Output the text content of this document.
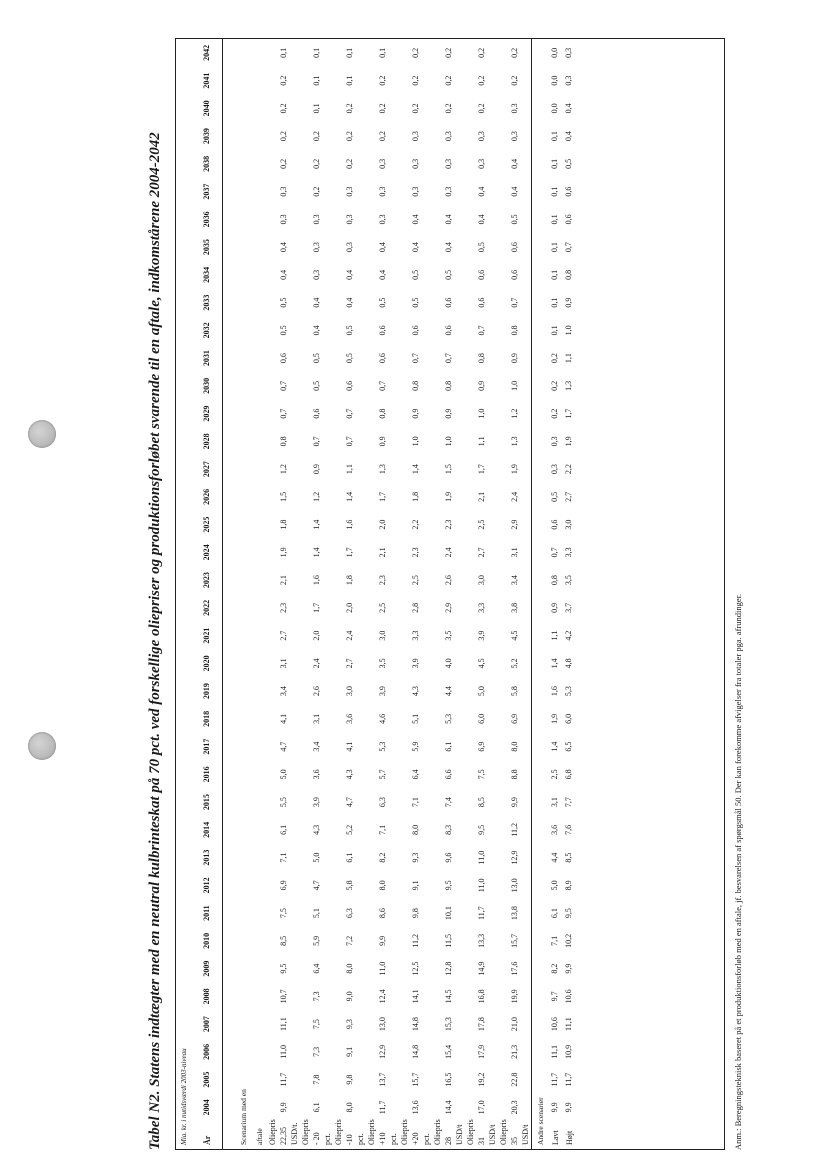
Tabel N2. Statens indtægter med en neutral kulbrinteskat på 70 pct. ved forskellige oliepriser og produktionsforløbet svarende til en aftale, indkomstårene 2004-2042 Mia. kr. i nutidsværdi 2003-niveau																																							
År	2004	2005	2006	2007	2008	2009	2010	2011	2012	2013	2014	2015	2016	2017	2018	2019	2020	2021	2022	2023	2024	2025	2026	2027	2028	2029	2030	2031	2032	2033	2034	2035	2036	2037	2038	2039	2040	2041	2042

Scenarium med en																																							
aftale																																							

Oliepris 22,35 USD/t.	9,9	11,7	11,0	11,1	10,7	9,5	8,5	7,5	6,9	7,1	6,1	5,5	5,0	4,7	4,1	3,4	3,1	2,7	2,3	2,1	1,9	1,8	1,5	1,2	0,8	0,7	0,7	0,6	0,5	0,5	0,4	0,4	0,3	0,3	0,2	0,2	0,2	0,2	0,1

Oliepris - 20 pct.	6,1	7,8	7,3	7,5	7,3	6,4	5,9	5,1	4,7	5,0	4,3	3,9	3,6	3,4	3,1	2,6	2,4	2,0	1,7	1,6	1,4	1,4	1,2	0,9	0,7	0,6	0,5	0,5	0,4	0,4	0,3	0,3	0,3	0,2	0,2	0,2	0,1	0,1	0,1

Oliepris -10 pct.	8,0	9,8	9,1	9,3	9,0	8,0	7,2	6,3	5,8	6,1	5,2	4,7	4,3	4,1	3,6	3,0	2,7	2,4	2,0	1,8	1,7	1,6	1,4	1,1	0,7	0,7	0,6	0,5	0,5	0,4	0,4	0,3	0,3	0,3	0,2	0,2	0,2	0,1	0,1

Oliepris +10 pct.	11,7	13,7	12,9	13,0	12,4	11,0	9,9	8,6	8,0	8,2	7,1	6,3	5,7	5,3	4,6	3,9	3,5	3,0	2,5	2,3	2,1	2,0	1,7	1,3	0,9	0,8	0,7	0,6	0,6	0,5	0,4	0,4	0,3	0,3	0,3	0,2	0,2	0,2	0,1

Oliepris +20 pct.	13,6	15,7	14,8	14,8	14,1	12,5	11,2	9,8	9,1	9,3	8,0	7,1	6,4	5,9	5,1	4,3	3,9	3,3	2,8	2,5	2,3	2,2	1,8	1,4	1,0	0,9	0,8	0,7	0,6	0,5	0,5	0,4	0,4	0,3	0,3	0,3	0,2	0,2	0,2

Oliepris 28 USD/t	14,4	16,5	15,4	15,3	14,5	12,8	11,5	10,1	9,5	9,6	8,3	7,4	6,6	6,1	5,3	4,4	4,0	3,5	2,9	2,6	2,4	2,3	1,9	1,5	1,0	0,9	0,8	0,7	0,6	0,6	0,5	0,4	0,4	0,3	0,3	0,3	0,2	0,2	0,2

Oliepris 31 USD/t	17,0	19,2	17,9	17,8	16,8	14,9	13,3	11,7	11,0	11,0	9,5	8,5	7,5	6,9	6,0	5,0	4,5	3,9	3,3	3,0	2,7	2,5	2,1	1,7	1,1	1,0	0,9	0,8	0,7	0,6	0,6	0,5	0,4	0,4	0,3	0,3	0,2	0,2	0,2

Oliepris 35 USD/t	20,3	22,8	21,3	21,0	19,9	17,6	15,7	13,8	13,0	12,9	11,2	9,9	8,8	8,0	6,9	5,8	5,2	4,5	3,8	3,4	3,1	2,9	2,4	1,9	1,3	1,2	1,0	0,9	0,8	0,7	0,6	0,6	0,5	0,4	0,4	0,3	0,3	0,2	0,2
Andre scenarier																																							

Lavt	9,9	11,7	11,1	10,6	9,7	8,2	7,1	6,1	5,0	4,4	3,6	3,1	2,5	1,4	1,9	1,6	1,4	1,1	0,9	0,8	0,7	0,6	0,5	0,3	0,3	0,2	0,2	0,2	0,1	0,1	0,1	0,1	0,1	0,1	0,1	0,1	0,0	0,0	0,0

Højt	9,9	11,7	10,9	11,1	10,6	9,9	10,2	9,5	8,9	8,5	7,6	7,7	6,8	6,5	6,0	5,3	4,8	4,2	3,7	3,5	3,3	3,0	2,7	2,2	1,9	1,7	1,3	1,1	1,0	0,9	0,8	0,7	0,6	0,6	0,5	0,4	0,4	0,3	0,3
Anm.: Beregningsteknisk baseret på et produktionsforløb med en aftale, jf. besvarelsen af spørgsmål 50. Der kan forekomme afvigelser fra totaler pga. afrundinger.
